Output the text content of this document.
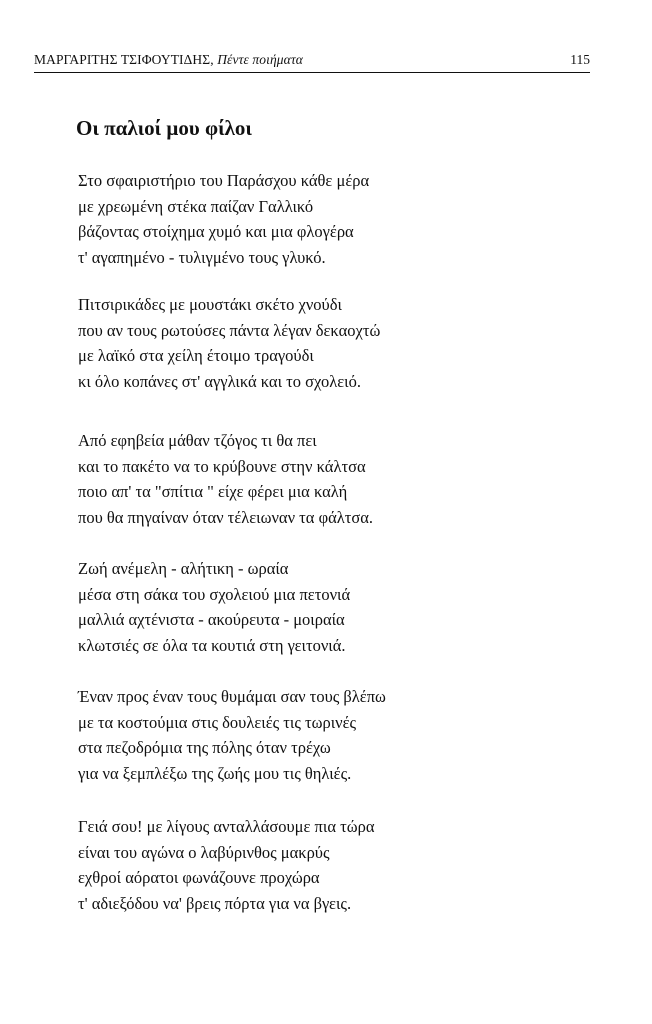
ΜΑΡΓΑΡΙΤΗΣ ΤΣΙΦΟΥΤΙΔΗΣ, Πέντε ποιήματα	115
Οι παλιοί μου φίλοι
Στο σφαιριστήριο του Παράσχου κάθε μέρα
με χρεωμένη στέκα παίζαν Γαλλικό
βάζοντας στοίχημα χυμό και μια φλογέρα
τ' αγαπημένο - τυλιγμένο τους γλυκό.
Πιτσιρικάδες με μουστάκι σκέτο χνούδι
που αν τους ρωτούσες πάντα λέγαν δεκαοχτώ
με λαϊκό στα χείλη έτοιμο τραγούδι
κι όλο κοπάνες στ' αγγλικά και το σχολειό.
Από εφηβεία μάθαν τζόγος τι θα πει
και το πακέτο να το κρύβουνε στην κάλτσα
ποιο απ' τα "σπίτια " είχε φέρει μια καλή
που θα πηγαίναν όταν τέλειωναν τα φάλτσα.
Ζωή ανέμελη - αλήτικη - ωραία
μέσα στη σάκα του σχολειού μια πετονιά
μαλλιά αχτένιστα - ακούρευτα - μοιραία
κλωτσιές σε όλα τα κουτιά στη γειτονιά.
Έναν προς έναν τους θυμάμαι σαν τους βλέπω
με τα κοστούμια στις δουλειές τις τωρινές
στα πεζοδρόμια της πόλης όταν τρέχω
για να ξεμπλέξω της ζωής μου τις θηλιές.
Γειά σου! με λίγους ανταλλάσουμε πια τώρα
είναι του αγώνα ο λαβύρινθος μακρύς
εχθροί αόρατοι φωνάζουνε προχώρα
τ' αδιεξόδου να' βρεις πόρτα για να βγεις.
